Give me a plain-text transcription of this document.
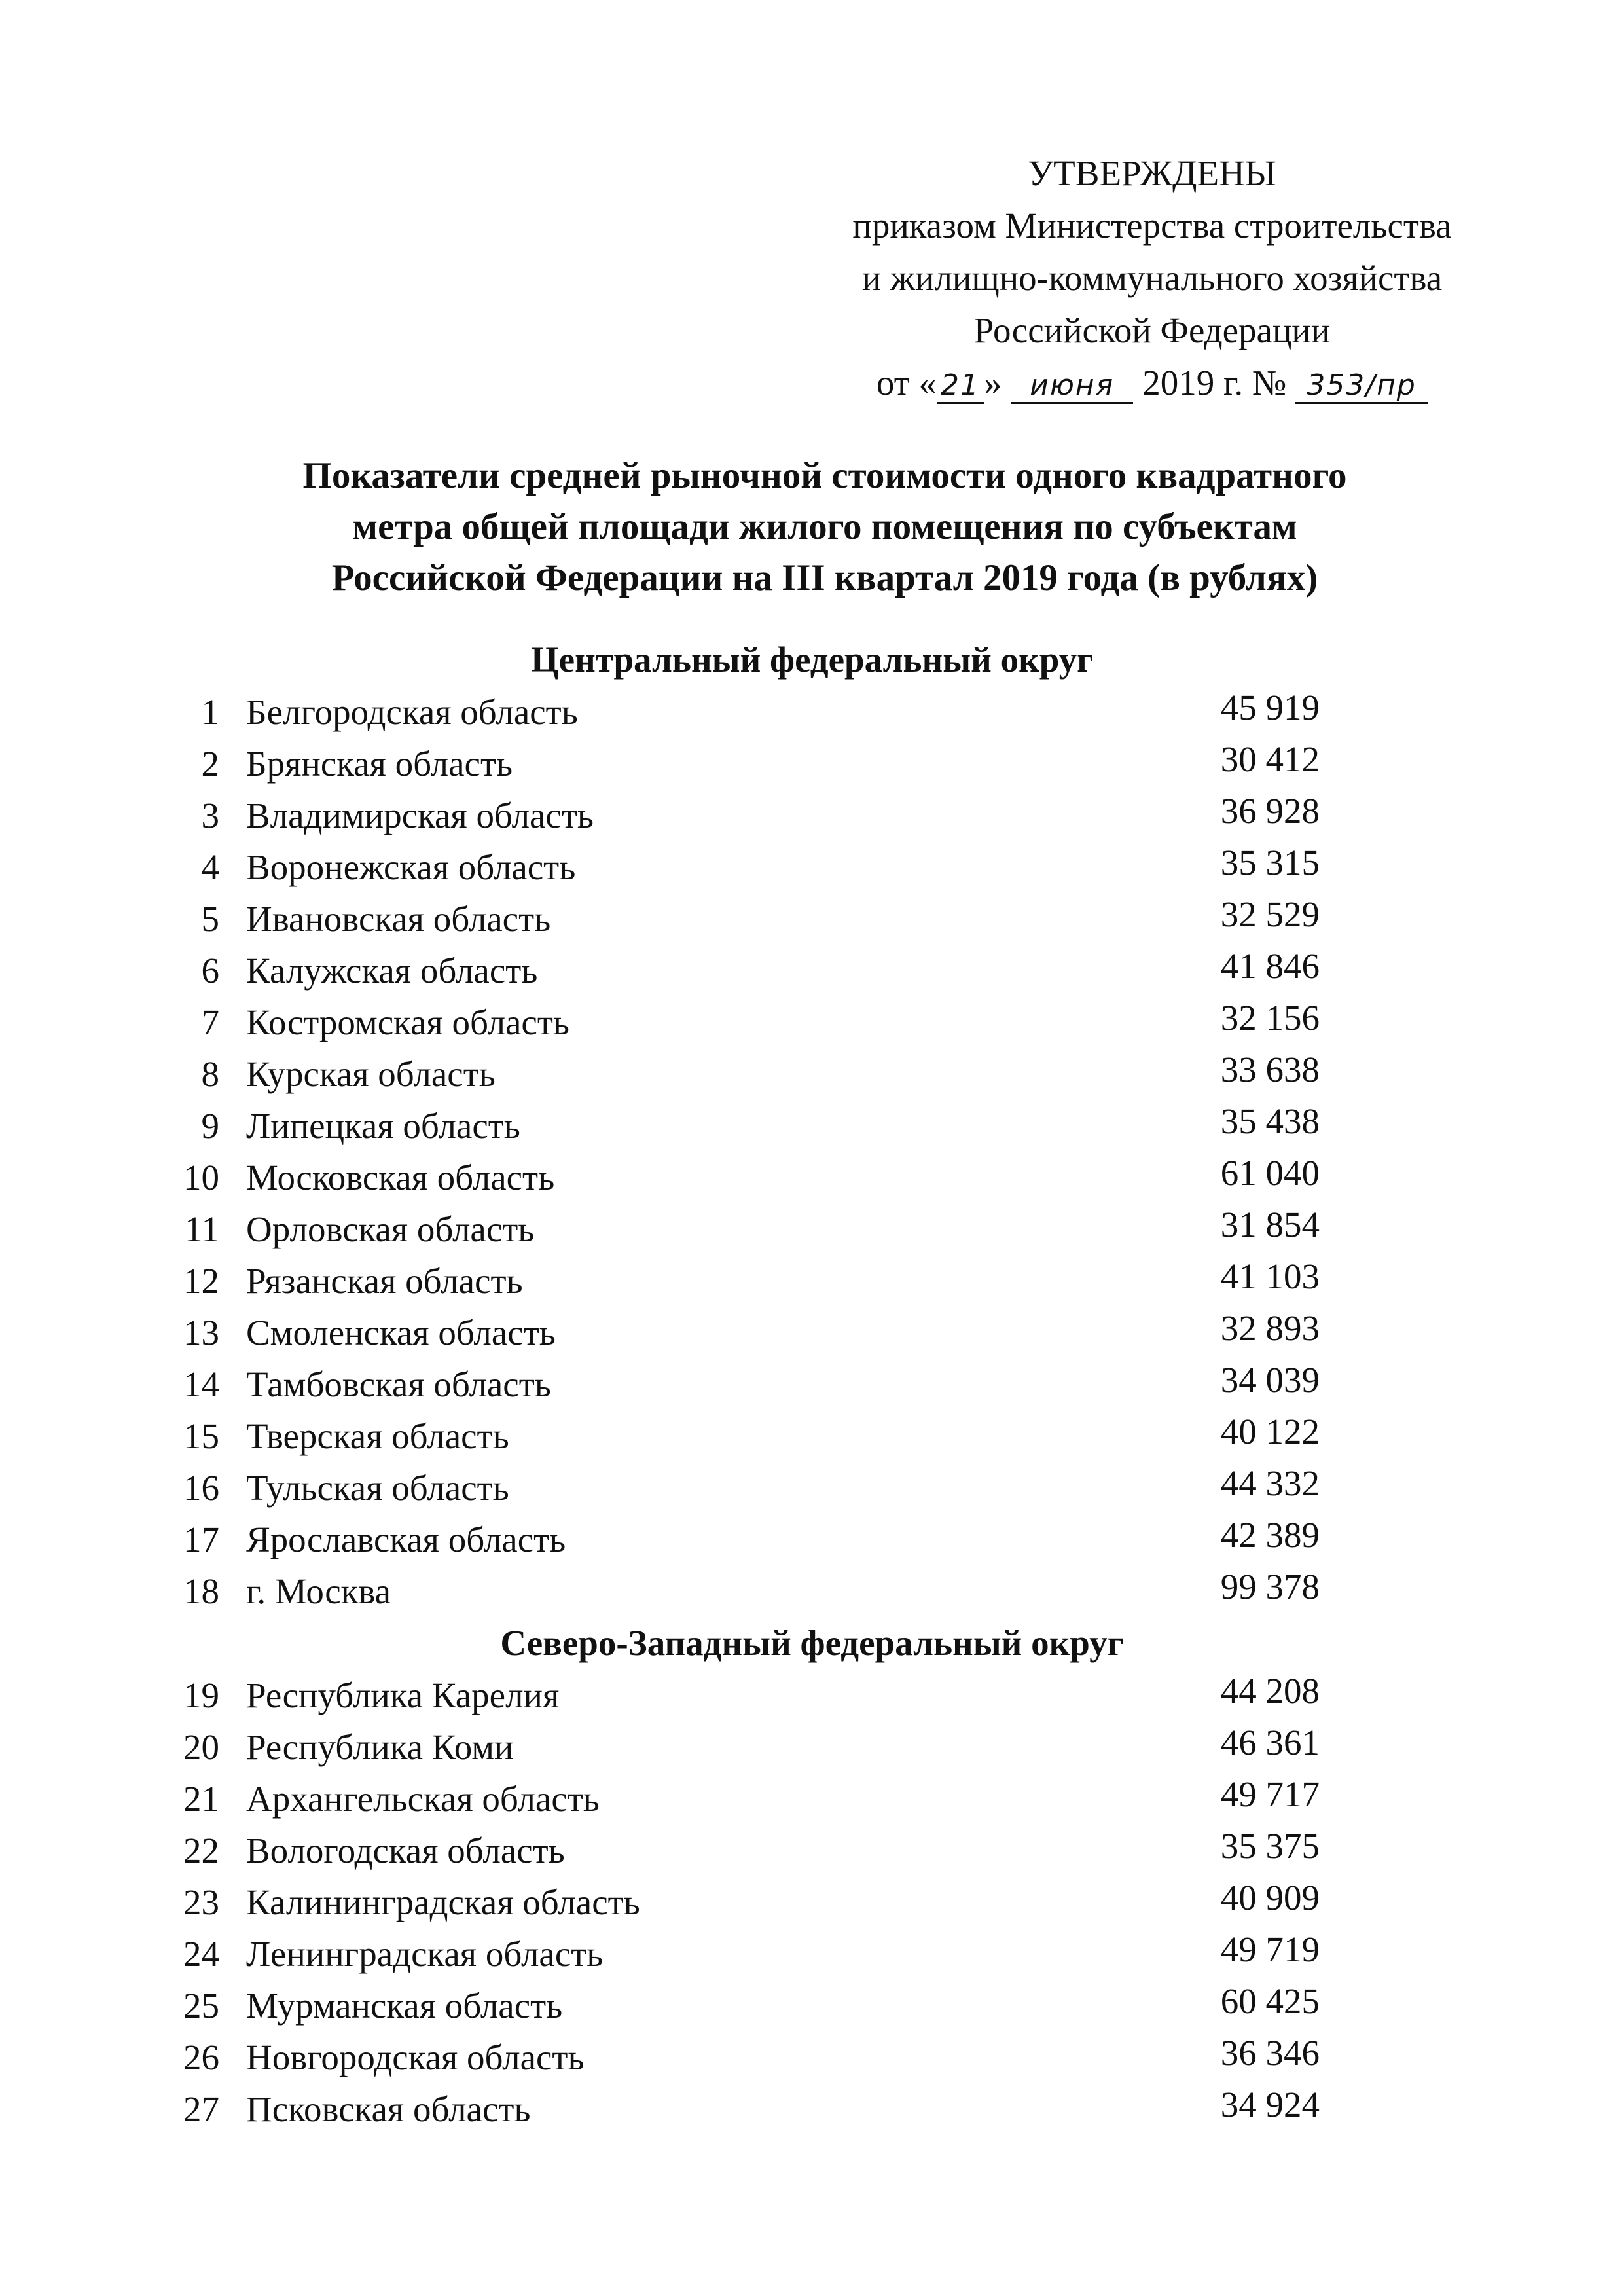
УТВЕРЖДЕНЫ
приказом Министерства строительства
и жилищно-коммунального хозяйства
Российской Федерации
от « 21 » июня 2019 г. № 353/пр
Показатели средней рыночной стоимости одного квадратного
метра общей площади жилого помещения по субъектам
Российской Федерации на III квартал 2019 года (в рублях)
Центральный федеральный округ
1 Белгородская область	45 919
2 Брянская область	30 412
3 Владимирская область	36 928
4 Воронежская область	35 315
5 Ивановская область	32 529
6 Калужская область	41 846
7 Костромская область	32 156
8 Курская область	33 638
9 Липецкая область	35 438
10 Московская область	61 040
11 Орловская область	31 854
12 Рязанская область	41 103
13 Смоленская область	32 893
14 Тамбовская область	34 039
15 Тверская область	40 122
16 Тульская область	44 332
17 Ярославская область	42 389
18 г. Москва	99 378
Северо-Западный федеральный округ
19 Республика Карелия	44 208
20 Республика Коми	46 361
21 Архангельская область	49 717
22 Вологодская область	35 375
23 Калининградская область	40 909
24 Ленинградская область	49 719
25 Мурманская область	60 425
26 Новгородская область	36 346
27 Псковская область	34 924
